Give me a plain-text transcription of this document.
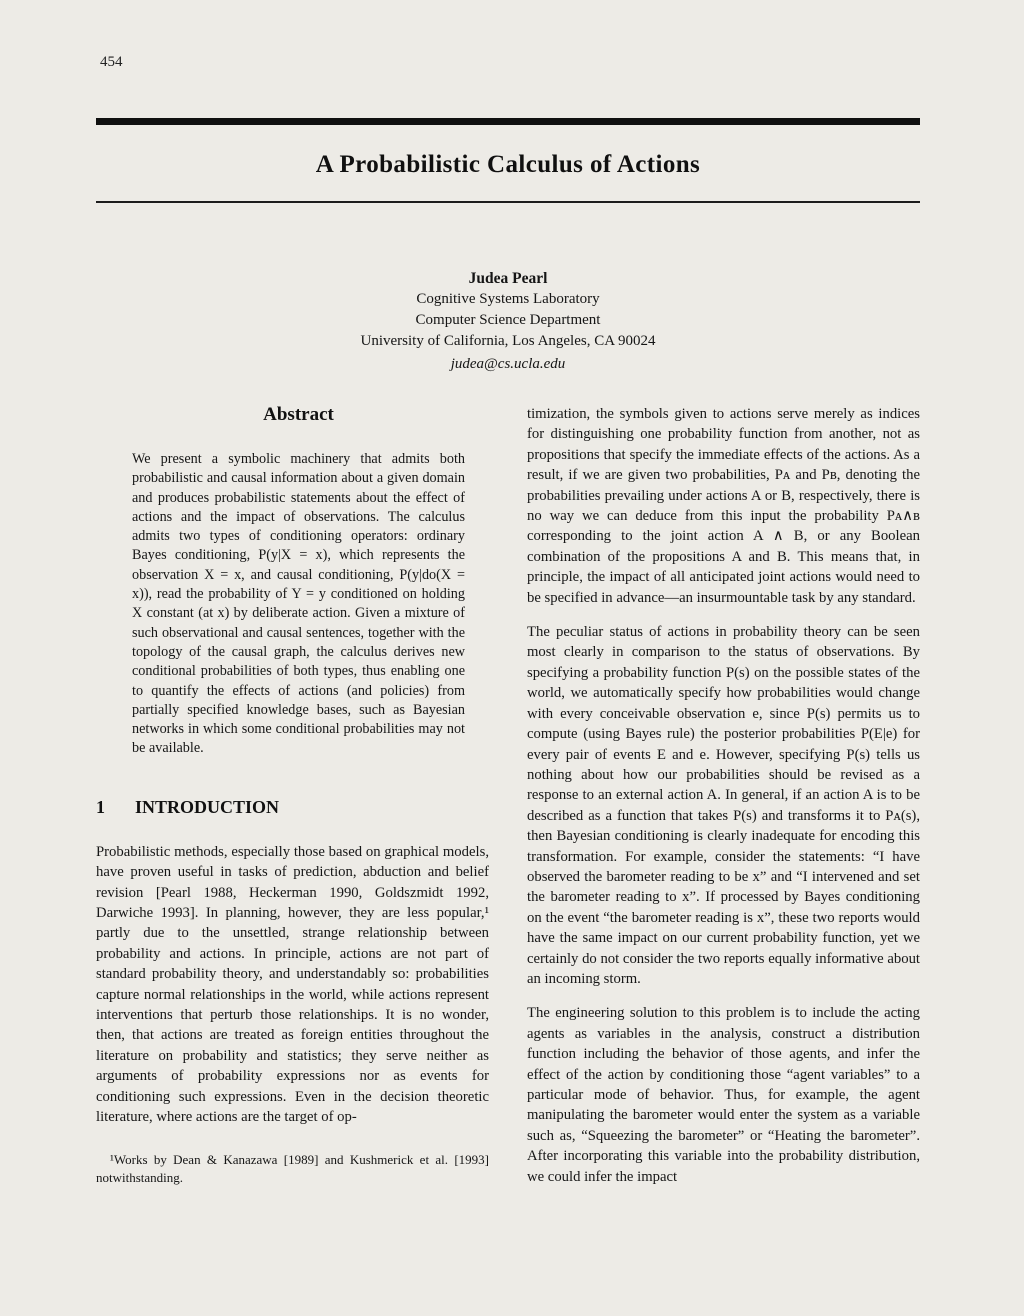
454
A Probabilistic Calculus of Actions
Judea Pearl
Cognitive Systems Laboratory
Computer Science Department
University of California, Los Angeles, CA 90024
judea@cs.ucla.edu
Abstract

We present a symbolic machinery that admits both probabilistic and causal information about a given domain and produces probabilistic statements about the effect of actions and the impact of observations. The calculus admits two types of conditioning operators: ordinary Bayes conditioning, P(y|X = x), which represents the observation X = x, and causal conditioning, P(y|do(X = x)), read the probability of Y = y conditioned on holding X constant (at x) by deliberate action. Given a mixture of such observational and causal sentences, together with the topology of the causal graph, the calculus derives new conditional probabilities of both types, thus enabling one to quantify the effects of actions (and policies) from partially specified knowledge bases, such as Bayesian networks in which some conditional probabilities may not be available.

1 INTRODUCTION

Probabilistic methods, especially those based on graphical models, have proven useful in tasks of prediction, abduction and belief revision [Pearl 1988, Heckerman 1990, Goldszmidt 1992, Darwiche 1993]. In planning, however, they are less popular,¹ partly due to the unsettled, strange relationship between probability and actions. In principle, actions are not part of standard probability theory, and understandably so: probabilities capture normal relationships in the world, while actions represent interventions that perturb those relationships. It is no wonder, then, that actions are treated as foreign entities throughout the literature on probability and statistics; they serve neither as arguments of probability expressions nor as events for conditioning such expressions. Even in the decision theoretic literature, where actions are the target of op-

¹Works by Dean & Kanazawa [1989] and Kushmerick et al. [1993] notwithstanding.

timization, the symbols given to actions serve merely as indices for distinguishing one probability function from another, not as propositions that specify the immediate effects of the actions. As a result, if we are given two probabilities, Pᴀ and Pʙ, denoting the probabilities prevailing under actions A or B, respectively, there is no way we can deduce from this input the probability Pᴀ∧ʙ corresponding to the joint action A ∧ B, or any Boolean combination of the propositions A and B. This means that, in principle, the impact of all anticipated joint actions would need to be specified in advance—an insurmountable task by any standard.

The peculiar status of actions in probability theory can be seen most clearly in comparison to the status of observations. By specifying a probability function P(s) on the possible states of the world, we automatically specify how probabilities would change with every conceivable observation e, since P(s) permits us to compute (using Bayes rule) the posterior probabilities P(E|e) for every pair of events E and e. However, specifying P(s) tells us nothing about how our probabilities should be revised as a response to an external action A. In general, if an action A is to be described as a function that takes P(s) and transforms it to Pᴀ(s), then Bayesian conditioning is clearly inadequate for encoding this transformation. For example, consider the statements: “I have observed the barometer reading to be x” and “I intervened and set the barometer reading to x”. If processed by Bayes conditioning on the event “the barometer reading is x”, these two reports would have the same impact on our current probability function, yet we certainly do not consider the two reports equally informative about an incoming storm.

The engineering solution to this problem is to include the acting agents as variables in the analysis, construct a distribution function including the behavior of those agents, and infer the effect of the action by conditioning those “agent variables” to a particular mode of behavior. Thus, for example, the agent manipulating the barometer would enter the system as a variable such as, “Squeezing the barometer” or “Heating the barometer”. After incorporating this variable into the probability distribution, we could infer the impact
